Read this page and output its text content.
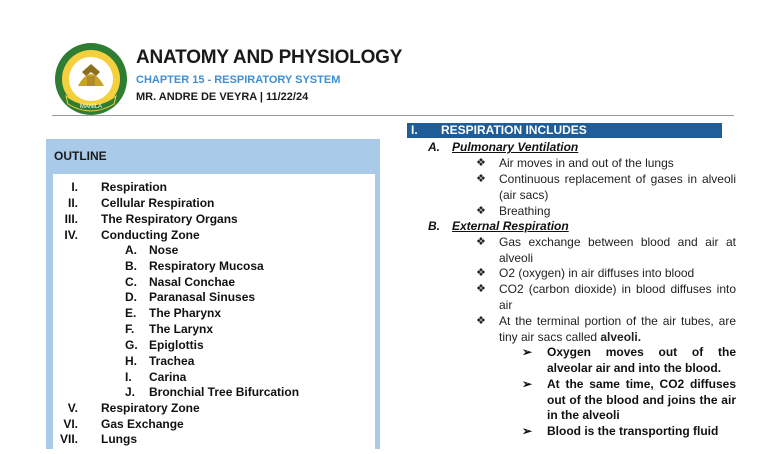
MANILA
ANATOMY AND PHYSIOLOGY
CHAPTER 15 - RESPIRATORY SYSTEM
MR. ANDRE DE VEYRA | 11/22/24
OUTLINE
I. Respiration
II. Cellular Respiration
III. The Respiratory Organs
IV. Conducting Zone
A. Nose
B. Respiratory Mucosa
C. Nasal Conchae
D. Paranasal Sinuses
E. The Pharynx
F.	The Larynx
G. Epiglottis
H. Trachea
I.	Carina
J.	Bronchial Tree Bifurcation
V. Respiratory Zone
VI. Gas Exchange
VII. Lungs
I. RESPIRATION INCLUDES
A. Pulmonary Ventilation
❖ Air moves in and out of the lungs
❖ Continuous replacement of gases in alveoli (air sacs)
❖ Breathing
B. External Respiration
❖ Gas exchange between blood and air at alveoli
❖ O2 (oxygen) in air diffuses into blood
❖ CO2 (carbon dioxide) in blood diffuses into air
❖ At the terminal portion of the air tubes, are tiny air sacs called alveoli.
➢ Oxygen moves out of the alveolar air and into the blood.
➢ At the same time, CO2 diffuses out of the blood and joins the air in the alveoli
➢ Blood is the transporting fluid
